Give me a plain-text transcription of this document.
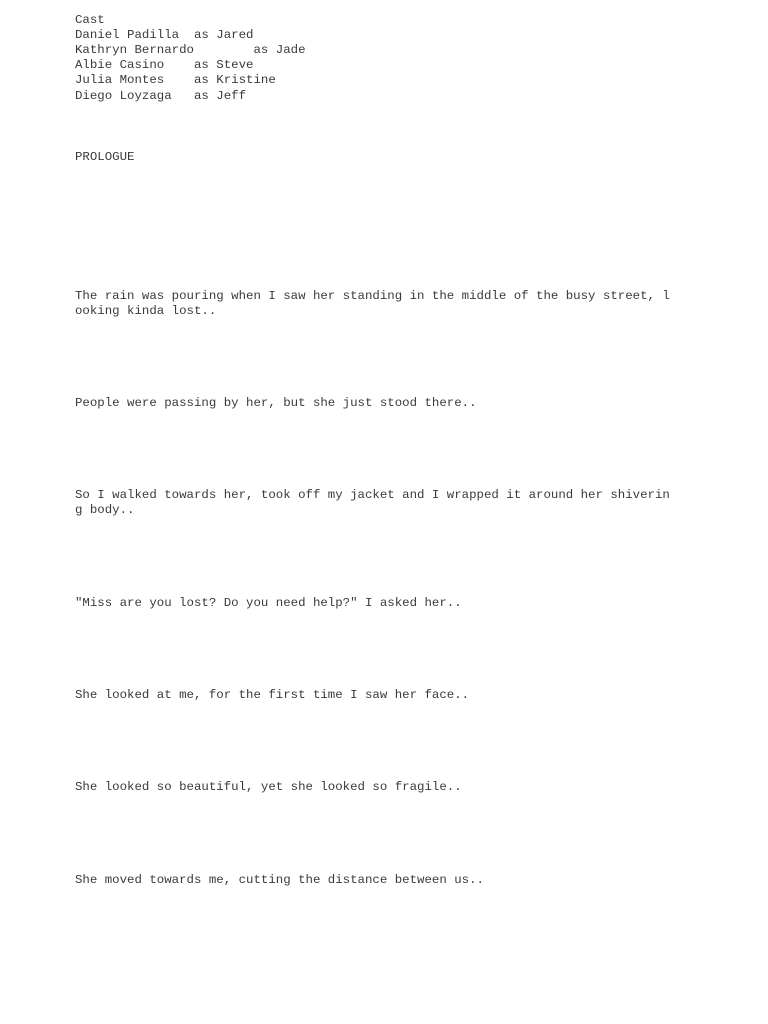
Cast

Daniel Padilla  as Jared

Kathryn Bernardo        as Jade

Albie Casino    as Steve

Julia Montes    as Kristine

Diego Loyzaga   as Jeff

PROLOGUE

The rain was pouring when I saw her standing in the middle of the busy street, l

ooking kinda lost..

People were passing by her, but she just stood there..

So I walked towards her, took off my jacket and I wrapped it around her shiverin

g body..

"Miss are you lost? Do you need help?" I asked her..

She looked at me, for the first time I saw her face..

She looked so beautiful, yet she looked so fragile..

She moved towards me, cutting the distance between us..
